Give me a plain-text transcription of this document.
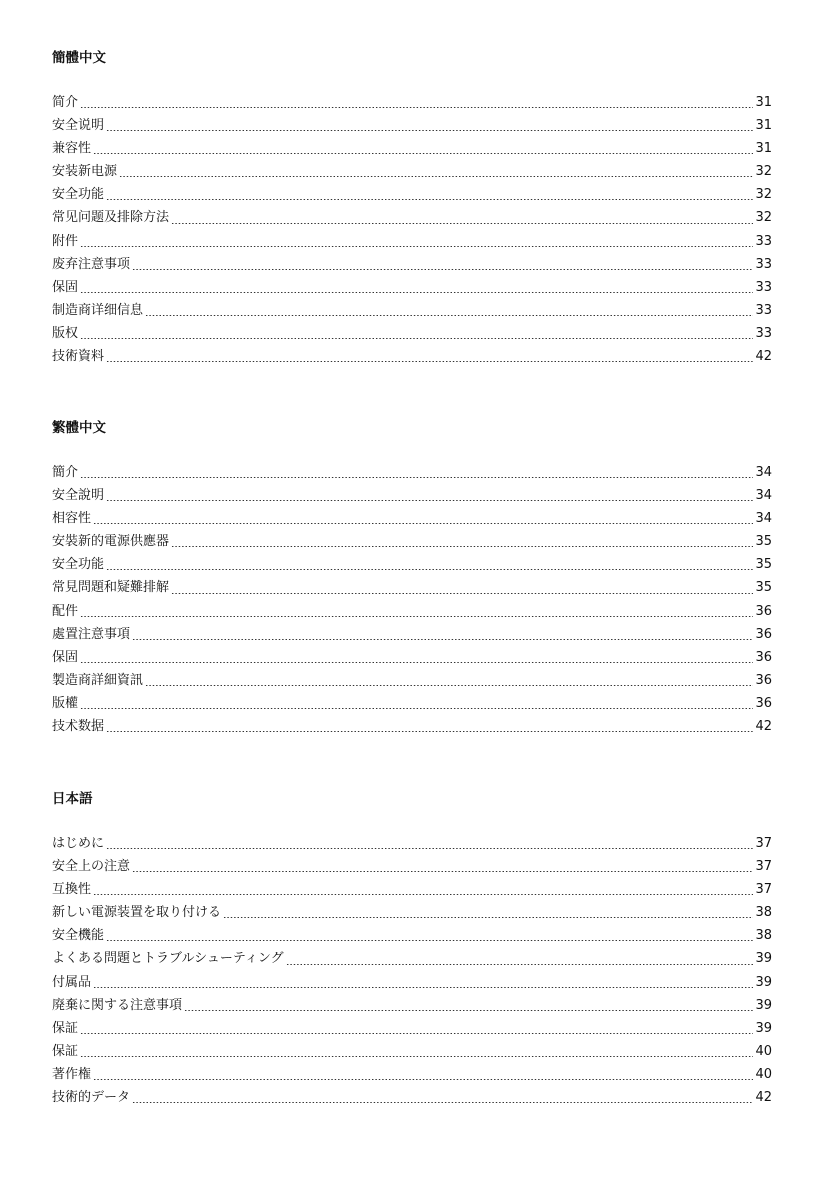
簡體中文
简介	31
安全说明	31
兼容性	31
安装新电源	32
安全功能	32
常见问题及排除方法	32
附件	33
废弃注意事项	33
保固	33
制造商详细信息	33
版权	33
技術資料	42
繁體中文
簡介	34
安全說明	34
相容性	34
安裝新的電源供應器	35
安全功能	35
常見問題和疑難排解	35
配件	36
處置注意事項	36
保固	36
製造商詳細資訊	36
版權	36
技术数据	42
日本語
はじめに	37
安全上の注意	37
互換性	37
新しい電源装置を取り付ける	38
安全機能	38
よくある問題とトラブルシューティング	39
付属品	39
廃棄に関する注意事項	39
保証	39
保証	40
著作権	40
技術的データ	42
